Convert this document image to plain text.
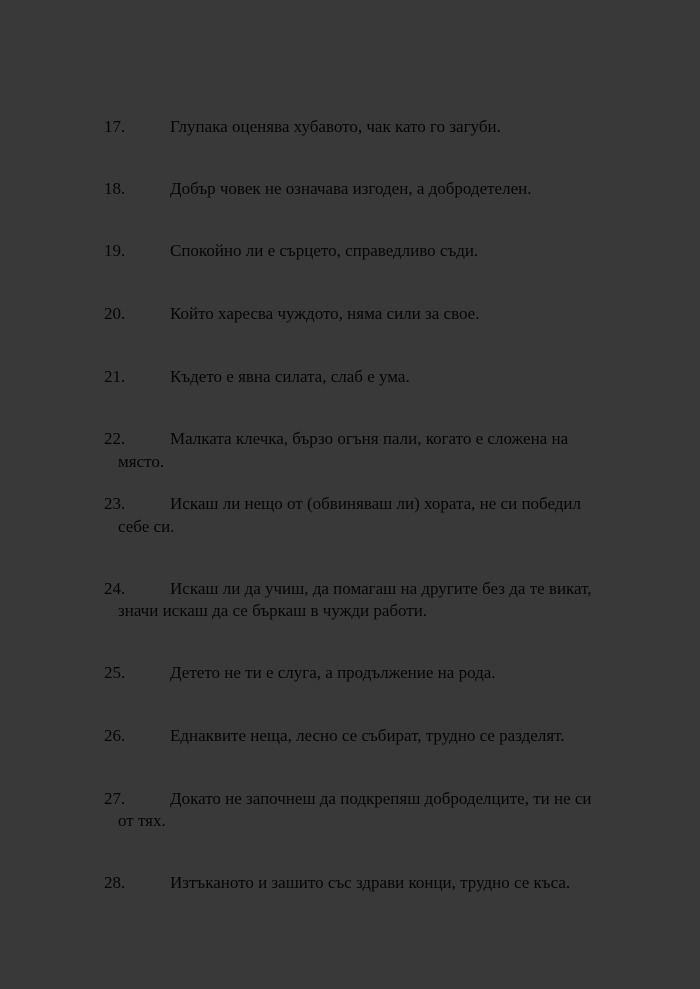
17.	Глупака оценява хубавото, чак като го загуби.
18.	Добър човек не означава изгоден, а добродетелен.
19.	Спокойно ли е сърцето, справедливо съди.
20.	Който харесва чуждото, няма сили за свое.
21.	Където е явна силата, слаб е ума.
22.	Малката клечка, бързо огъня пали, когато е сложена на
място.
23.	Искаш ли нещо от (обвиняваш ли) хората, не си победил
себе си.
24.	Искаш ли да учиш, да помагаш на другите без да те викат,
значи искаш да се бъркаш в чужди работи.
25.	Детето не ти е слуга, а продължение на рода.
26.	Еднаквите неща, лесно се събират, трудно се разделят.
27.	Докато не започнеш да подкрепяш доброделците, ти не си
от тях.
28.	Изтъканото и зашито със здрави конци, трудно се къса.
